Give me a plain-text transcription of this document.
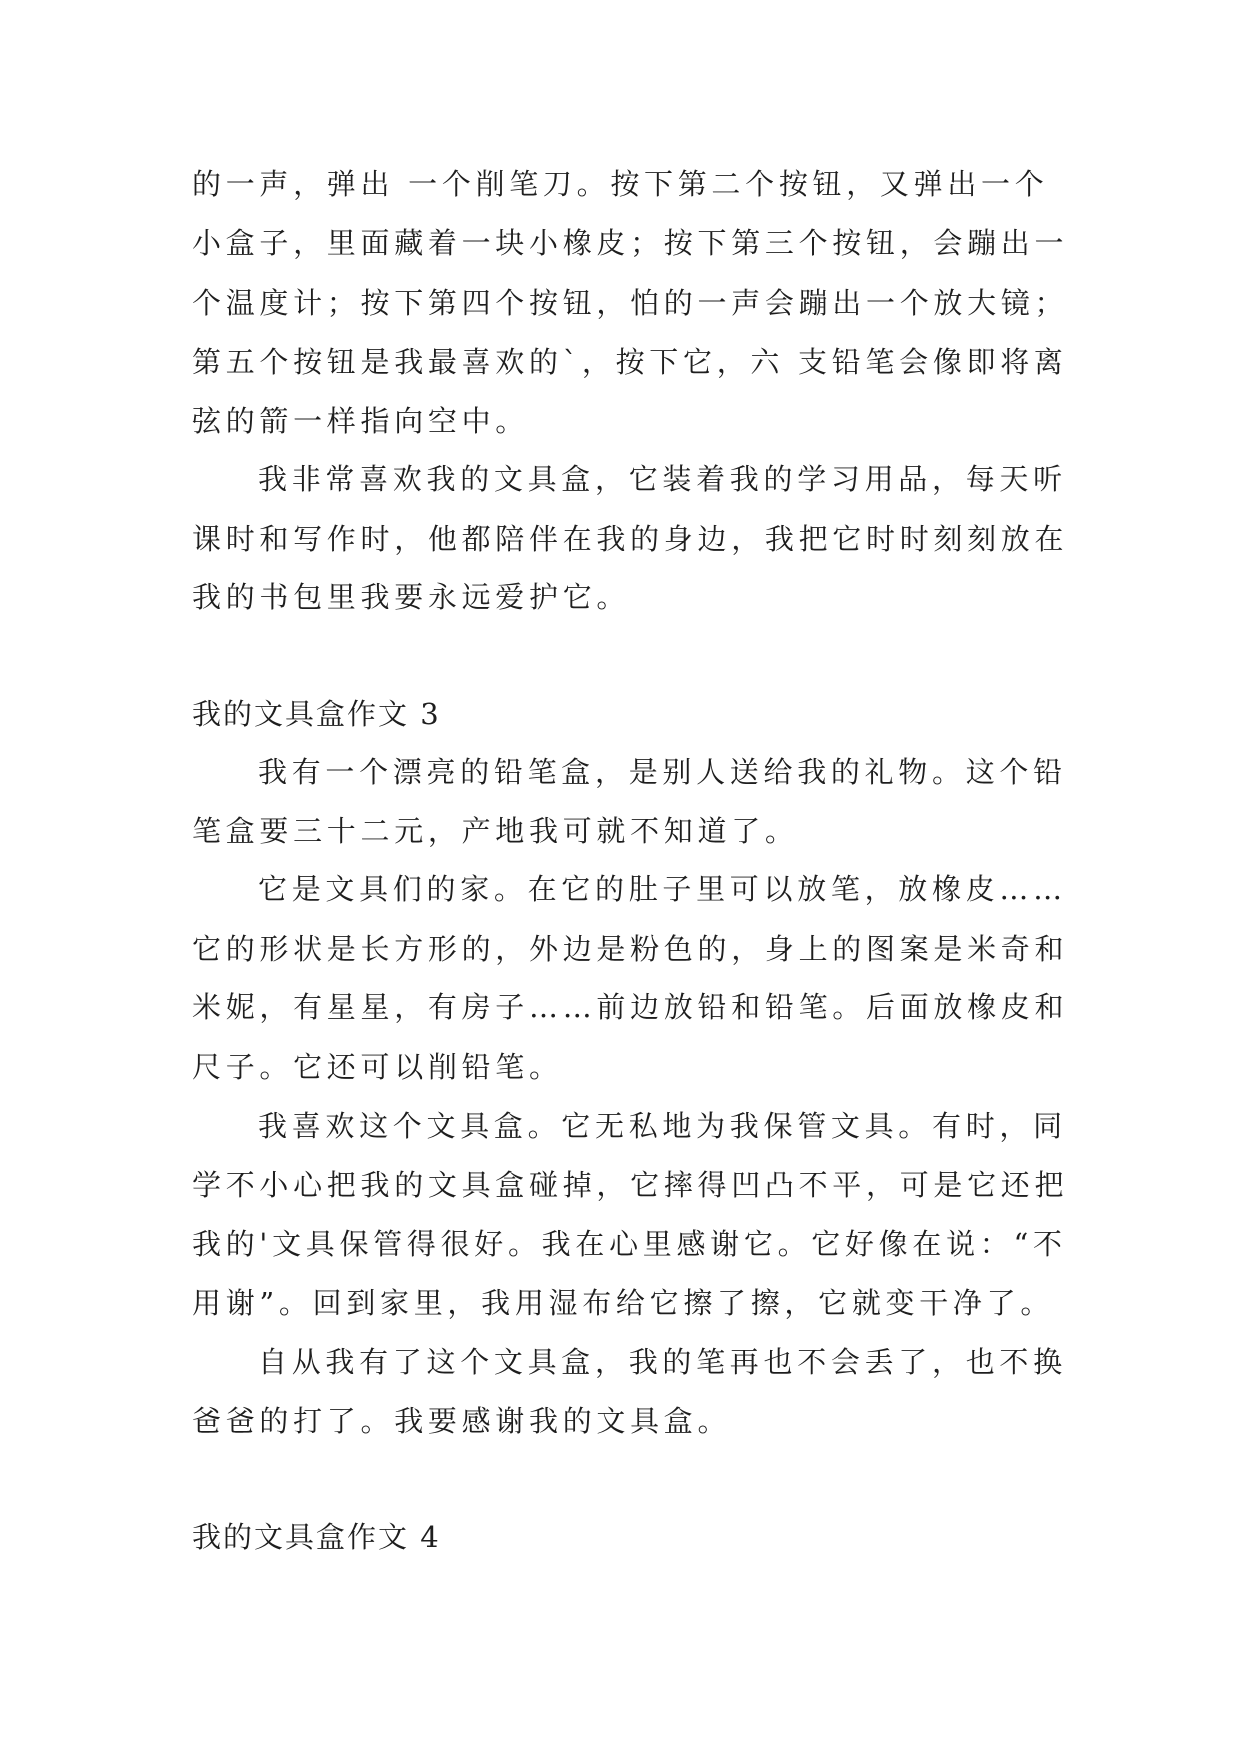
的一声，弹出 一个削笔刀。按下第二个按钮，又弹出一个
小盒子，里面藏着一块小橡皮；按下第三个按钮，会蹦出一
个温度计；按下第四个按钮，怕的一声会蹦出一个放大镜；
第五个按钮是我最喜欢的`，按下它，六 支铅笔会像即将离
弦的箭一样指向空中。
我非常喜欢我的文具盒，它装着我的学习用品，每天听
课时和写作时，他都陪伴在我的身边，我把它时时刻刻放在
我的书包里我要永远爱护它。
我的文具盒作文 3
我有一个漂亮的铅笔盒，是别人送给我的礼物。这个铅
笔盒要三十二元，产地我可就不知道了。
它是文具们的家。在它的肚子里可以放笔，放橡皮……
它的形状是长方形的，外边是粉色的，身上的图案是米奇和
米妮，有星星，有房子……前边放铅和铅笔。后面放橡皮和
尺子。它还可以削铅笔。
我喜欢这个文具盒。它无私地为我保管文具。有时，同
学不小心把我的文具盒碰掉，它摔得凹凸不平，可是它还把
我的'文具保管得很好。我在心里感谢它。它好像在说：“不
用谢”。回到家里，我用湿布给它擦了擦，它就变干净了。
自从我有了这个文具盒，我的笔再也不会丢了，也不换
爸爸的打了。我要感谢我的文具盒。
我的文具盒作文 4
